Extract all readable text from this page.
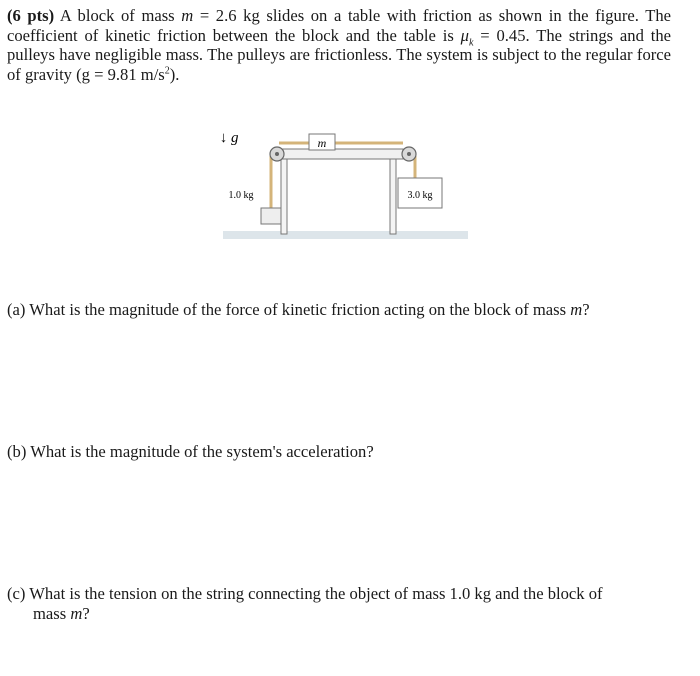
(6 pts) A block of mass m = 2.6 kg slides on a table with friction as shown in the figure. The coefficient of kinetic friction between the block and the table is $\mu_k = 0.45$. The strings and the pulleys have negligible mass. The pulleys are frictionless. The system is subject to the regular force of gravity (g = 9.81 $m/s^2$).
m
1.0 kg	3.0 kg
↓ g⃗
(a) What is the magnitude of the force of kinetic friction acting on the block of mass m?
(b) What is the magnitude of the system's acceleration?
(c) What is the tension on the string connecting the object of mass 1.0 kg and the block of
mass m?
